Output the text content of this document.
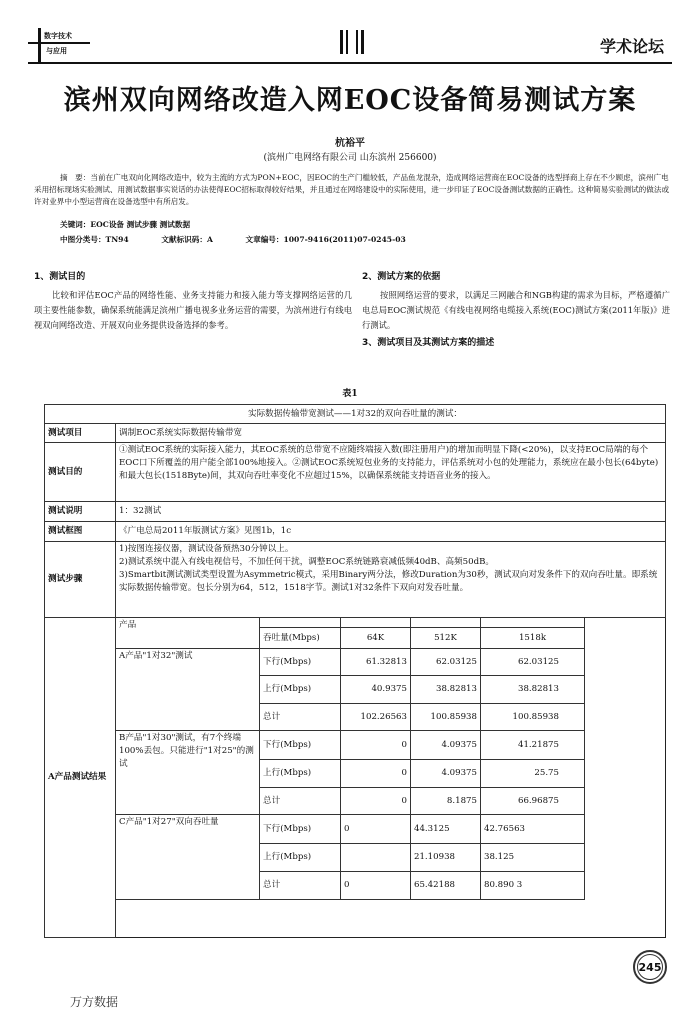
数字技术
与应用	学术论坛
滨州双向网络改造入网EOC设备简易测试方案
杭裕平
(滨州广电网络有限公司 山东滨州 256600)
摘　要：当前在广电双向化网络改造中，较为主流的方式为PON+EOC，因EOC的生产门槛较低，产品鱼龙混杂，造成网络运营商在EOC设备的选型择商上存在不少顾虑，滨州广电采用招标现场实验测试、用测试数据事实说话的办法使得EOC招标取得较好结果，并且通过在网络建设中的实际使用，进一步印证了EOC设备测试数据的正确性。这种简易实验测试的做法或许对业界中小型运营商在设备选型中有所启发。
关键词：EOC设备 测试步骤 测试数据
中图分类号：TN94	文献标识码：A	文章编号：1007-9416(2011)07-0245-03
1、测试目的

比较和评估EOC产品的网络性能、业务支持能力和接入能力等支撑网络运营的几项主要性能参数，确保系统能满足滨州广播电视多业务运营的需要，为滨州进行有线电视双向网络改造、开展双向业务提供设备选择的参考。

2、测试方案的依据

按照网络运营的要求，以满足三网融合和NGB构建的需求为目标，严格遵循广电总局EOC测试规范《有线电视网络电缆接入系统(EOC)测试方案(2011年版)》进行测试。

3、测试项目及其测试方案的描述
表1
实际数据传输带宽测试——1对32的双向吞吐量的测试：
测试项目	调制EOC系统实际数据传输带宽
测试目的
①测试EOC系统的实际接入能力，其EOC系统的总带宽不应随终端接入数(即注册用户)的增加而明显下降(<20%)，以支持EOC局端的每个EOC口下所覆盖的用户能全部100%地接入。②测试EOC系统短包业务的支持能力，评估系统对小包的处理能力，系统应在最小包长(64byte)和最大包长(1518Byte)间，其双向吞吐率变化不应超过15%，以确保系统能支持语音业务的接入。
测试说明	1：32测试
测试框图	《广电总局2011年版测试方案》见图1b，1c
测试步骤
1)按图连接仪器，测试设备预热30分钟以上。
2)测试系统中混入有线电视信号，不加任何干扰，调整EOC系统链路衰减低频40dB、高频50dB。
3)Smartbit测试测试类型设置为Asymmetric模式，采用Binary两分法，修改Duration为30秒，测试双向对发条件下的双向吞吐量。即系统实际数据传输带宽。包长分别为64，512，1518字节。测试1对32条件下双向对发吞吐量。
A产品测试结果
产品
吞吐量(Mbps)	64K	512K	1518k
A产品"1对32"测试
下行(Mbps)	61.32813	62.03125	62.03125
上行(Mbps)	40.9375	38.82813	38.82813
总计	102.26563	100.85938	100.85938
B产品"1对30"测试，有7个终端100%丢包。只能进行"1对25"的测试
下行(Mbps)	0	4.09375	41.21875
上行(Mbps)	0	4.09375	25.75
总计	0	8.1875	66.96875
C产品"1对27"双向吞吐量
下行(Mbps)	0	44.3125	42.76563
上行(Mbps)	21.10938	38.125
总计	0	65.42188	80.890 3
245
万方数据
